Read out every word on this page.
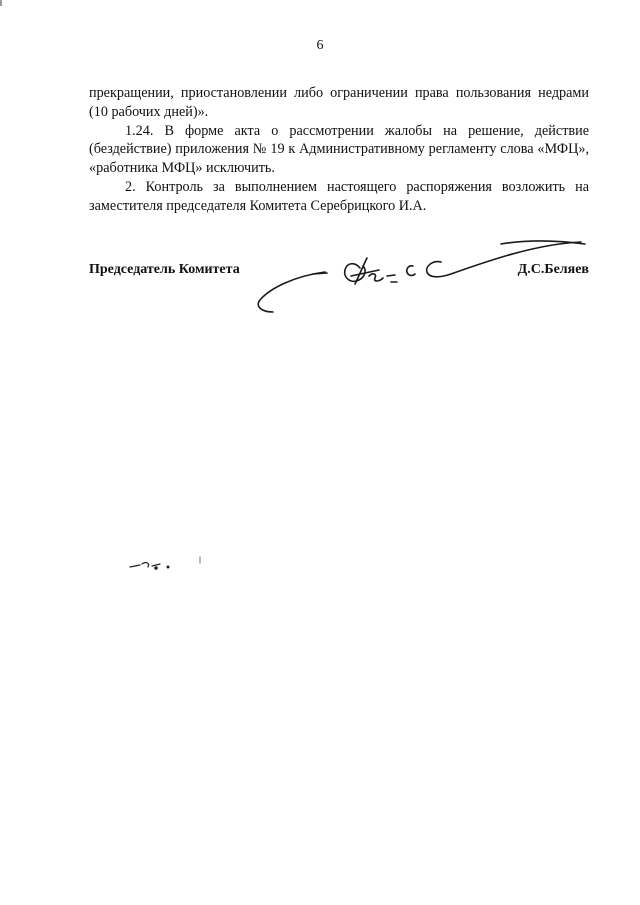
6

прекращении, приостановлении либо ограничении права пользования недрами (10 рабочих дней)».

1.24. В форме акта о рассмотрении жалобы на решение, действие (бездействие) приложения № 19 к Административному регламенту слова «МФЦ», «работника МФЦ» исключить.

2. Контроль за выполнением настоящего распоряжения возложить на заместителя председателя Комитета Серебрицкого И.А.

Председатель Комитета	Д.С.Беляев
